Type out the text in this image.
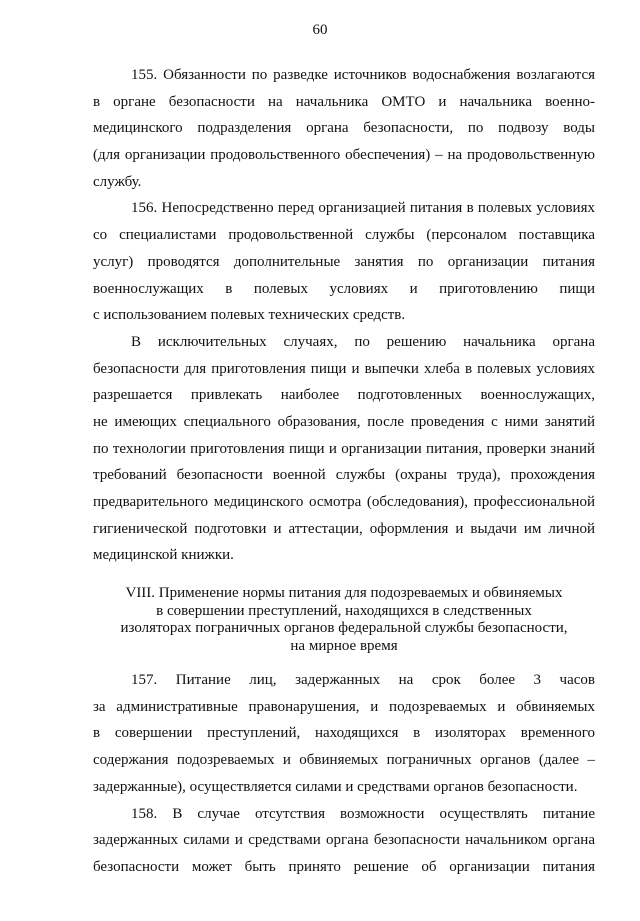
60
155. Обязанности по разведке источников водоснабжения возлагаются
в органе безопасности на начальника ОМТО и начальника военно-
медицинского подразделения органа безопасности, по подвозу воды
(для организации продовольственного обеспечения) – на продовольственную
службу.
156. Непосредственно перед организацией питания в полевых условиях
со специалистами продовольственной службы (персоналом поставщика
услуг) проводятся дополнительные занятия по организации питания
военнослужащих в полевых условиях и приготовлению пищи
с использованием полевых технических средств.
В исключительных случаях, по решению начальника органа
безопасности для приготовления пищи и выпечки хлеба в полевых условиях
разрешается привлекать наиболее подготовленных военнослужащих,
не имеющих специального образования, после проведения с ними занятий
по технологии приготовления пищи и организации питания, проверки знаний
требований безопасности военной службы (охраны труда), прохождения
предварительного медицинского осмотра (обследования), профессиональной
гигиенической подготовки и аттестации, оформления и выдачи им личной
медицинской книжки.
VIII. Применение нормы питания для подозреваемых и обвиняемых
в совершении преступлений, находящихся в следственных
изоляторах пограничных органов федеральной службы безопасности,
на мирное время
157. Питание лиц, задержанных на срок более 3 часов
за административные правонарушения, и подозреваемых и обвиняемых
в совершении преступлений, находящихся в изоляторах временного
содержания подозреваемых и обвиняемых пограничных органов (далее –
задержанные), осуществляется силами и средствами органов безопасности.
158. В случае отсутствия возможности осуществлять питание
задержанных силами и средствами органа безопасности начальником органа
безопасности может быть принято решение об организации питания
